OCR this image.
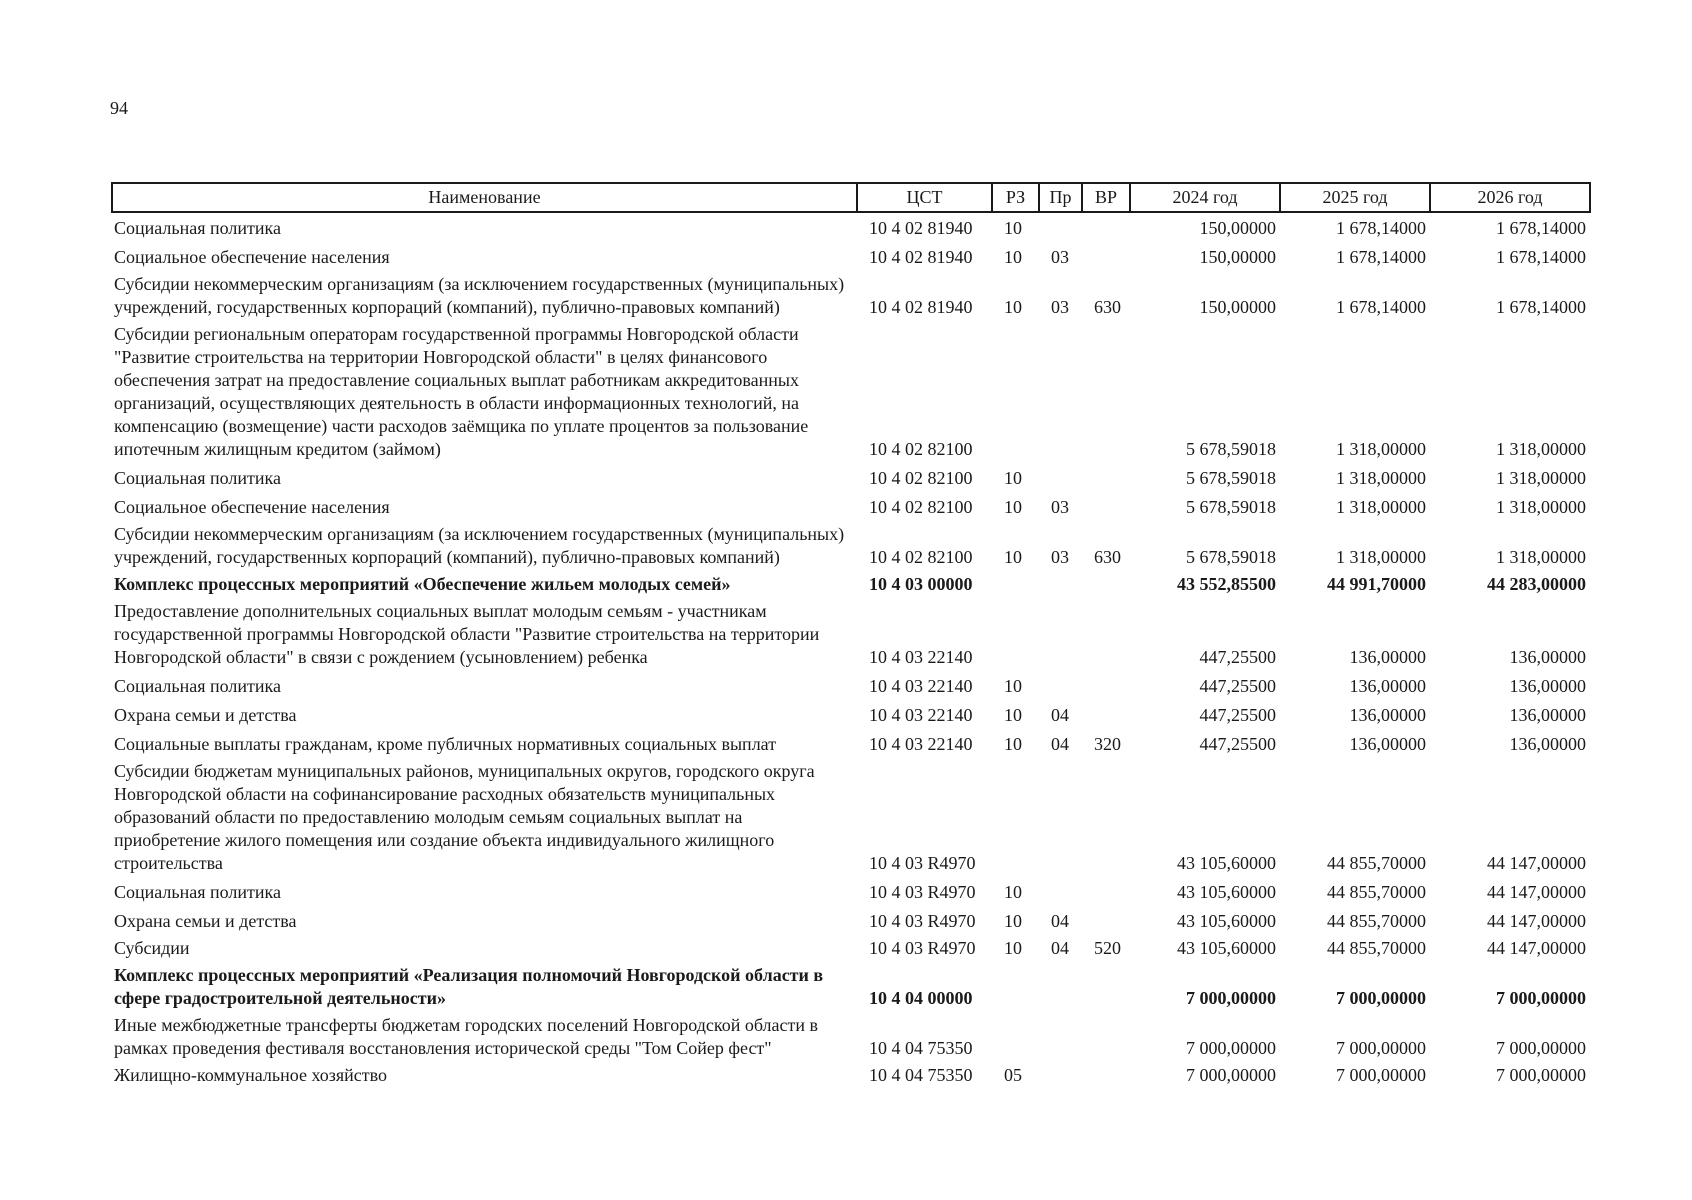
94
Наименование	ЦСТ	РЗ	Пр	ВР	2024 год	2025 год	2026 год
Социальная политика	10 4 02 81940	10			150,00000	1 678,14000	1 678,14000
Социальное обеспечение населения	10 4 02 81940	10	03		150,00000	1 678,14000	1 678,14000
Субсидии некоммерческим организациям (за исключением государственных (муниципальных) учреждений, государственных корпораций (компаний), публично-правовых компаний)	10 4 02 81940	10	03	630	150,00000	1 678,14000	1 678,14000
Субсидии региональным операторам государственной программы Новгородской области "Развитие строительства на территории Новгородской области" в целях финансового обеспечения затрат на предоставление социальных выплат работникам аккредитованных организаций, осуществляющих деятельность в области информационных технологий, на компенсацию (возмещение) части расходов заёмщика по уплате процентов за пользование ипотечным жилищным кредитом (займом)	10 4 02 82100				5 678,59018	1 318,00000	1 318,00000
Социальная политика	10 4 02 82100	10			5 678,59018	1 318,00000	1 318,00000
Социальное обеспечение населения	10 4 02 82100	10	03		5 678,59018	1 318,00000	1 318,00000
Субсидии некоммерческим организациям (за исключением государственных (муниципальных) учреждений, государственных корпораций (компаний), публично-правовых компаний)	10 4 02 82100	10	03	630	5 678,59018	1 318,00000	1 318,00000
Комплекс процессных мероприятий «Обеспечение жильем молодых семей»	10 4 03 00000				43 552,85500	44 991,70000	44 283,00000
Предоставление дополнительных социальных выплат молодым семьям - участникам государственной программы Новгородской области "Развитие строительства на территории Новгородской области" в связи с рождением (усыновлением) ребенка	10 4 03 22140				447,25500	136,00000	136,00000
Социальная политика	10 4 03 22140	10			447,25500	136,00000	136,00000
Охрана семьи и детства	10 4 03 22140	10	04		447,25500	136,00000	136,00000
Социальные выплаты гражданам, кроме публичных нормативных социальных выплат	10 4 03 22140	10	04	320	447,25500	136,00000	136,00000
Субсидии бюджетам муниципальных районов, муниципальных округов, городского округа Новгородской области на софинансирование расходных обязательств муниципальных образований области по предоставлению молодым семьям социальных выплат на приобретение жилого помещения или создание объекта индивидуального жилищного строительства	10 4 03 R4970				43 105,60000	44 855,70000	44 147,00000
Социальная политика	10 4 03 R4970	10			43 105,60000	44 855,70000	44 147,00000
Охрана семьи и детства	10 4 03 R4970	10	04		43 105,60000	44 855,70000	44 147,00000
Субсидии	10 4 03 R4970	10	04	520	43 105,60000	44 855,70000	44 147,00000
Комплекс процессных мероприятий «Реализация полномочий Новгородской области в сфере градостроительной деятельности»	10 4 04 00000				7 000,00000	7 000,00000	7 000,00000
Иные межбюджетные трансферты бюджетам городских поселений Новгородской области в рамках проведения фестиваля восстановления исторической среды "Том Сойер фест"	10 4 04 75350				7 000,00000	7 000,00000	7 000,00000
Жилищно-коммунальное хозяйство	10 4 04 75350	05			7 000,00000	7 000,00000	7 000,00000
